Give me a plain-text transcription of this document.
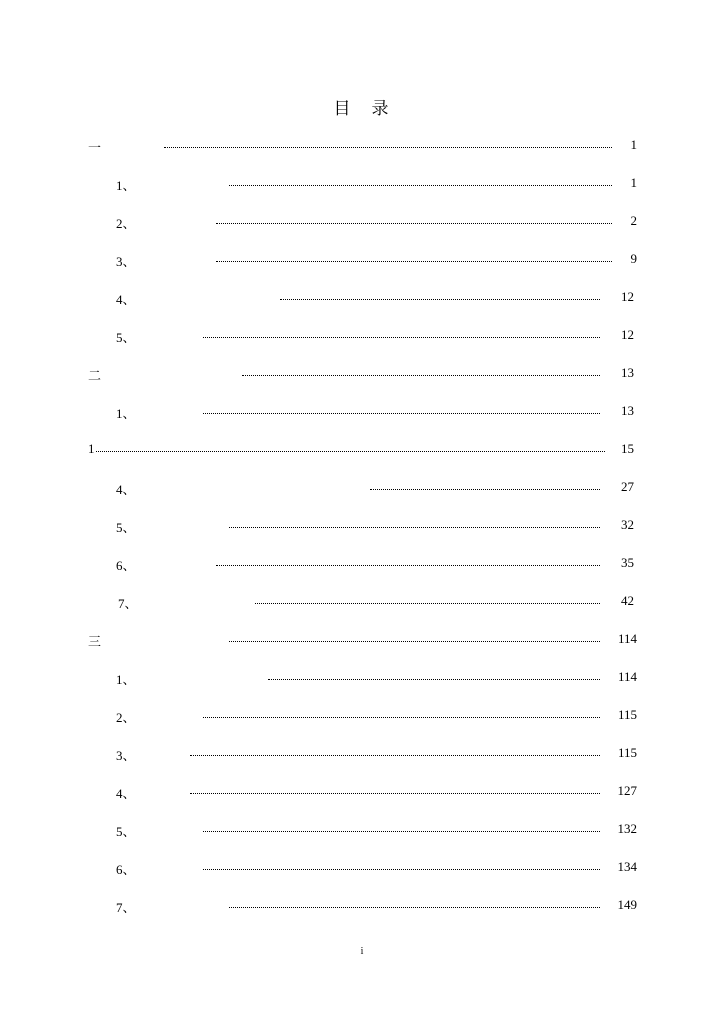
目　录
一	1
1、	1
2、	2
3、	9
4、	12
5、	12
二	13
1、	13
1	15
4、	27
5、	32
6、	35
7、	42
三	114
1、	114
2、	115
3、	115
4、	127
5、	132
6、	134
7、	149
i
